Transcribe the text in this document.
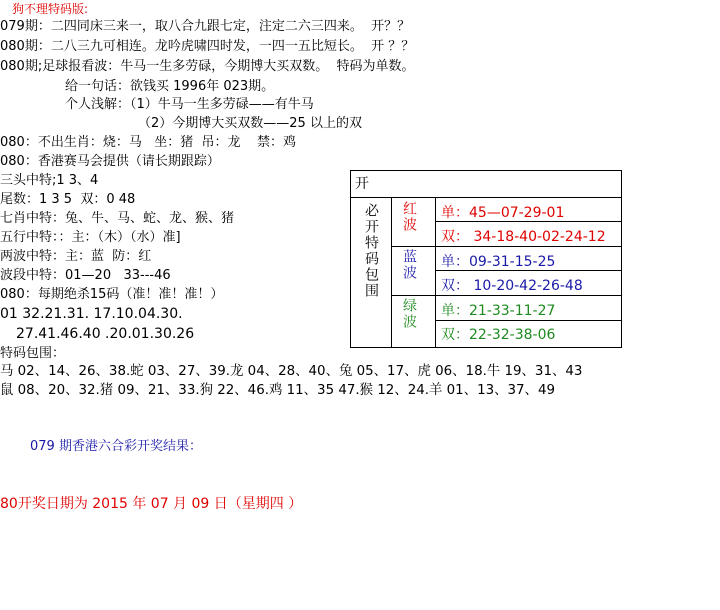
狗不理特码版:
079期：二四同床三来一，取八合九跟七定，注定二六三四来。  开？？
080期：二八三九可相连。龙吟虎啸四时发，一四一五比短长。  开 ？？
080期;足球报看波：牛马一生多劳碌，今期博大买双数。  特码为单数。
给一句话：欲钱买 1996年 023期。
个人浅解：（1）牛马一生多劳碌——有牛马
（2）今期博大买双数——25 以上的双
080：不出生肖：烧：马   坐：猪  吊：龙    禁：鸡
080：香港赛马会提供（请长期跟踪）
三头中特;1 3、4
尾数：1 3 5  双：0 48
七肖中特：兔、牛、马、蛇、龙、猴、猪
五行中特：：主：（木）（水）准]
两波中特：主：蓝  防：红
波段中特：01—20   33---46
080：每期绝杀15码（准！准！准！）
01 32.21.31. 17.10.04.30.
27.41.46.40 .20.01.30.26
特码包围：
马 02、14、26、38.蛇 03、27、39.龙 04、28、40、兔 05、17、虎 06、18.牛 19、31、43
鼠 08、20、32.猪 09、21、33.狗 22、46.鸡 11、35 47.猴 12、24.羊 01、13、37、49
079 期香港六合彩开奖结果：
80开奖日期为 2015 年 07 月 09 日（星期四 ）
开
必开特码包围 红波
蓝波
绿波
单：45—07-29-01
双： 34-18-40-02-24-12
单：09-31-15-25
双： 10-20-42-26-48
单：21-33-11-27
双：22-32-38-06
